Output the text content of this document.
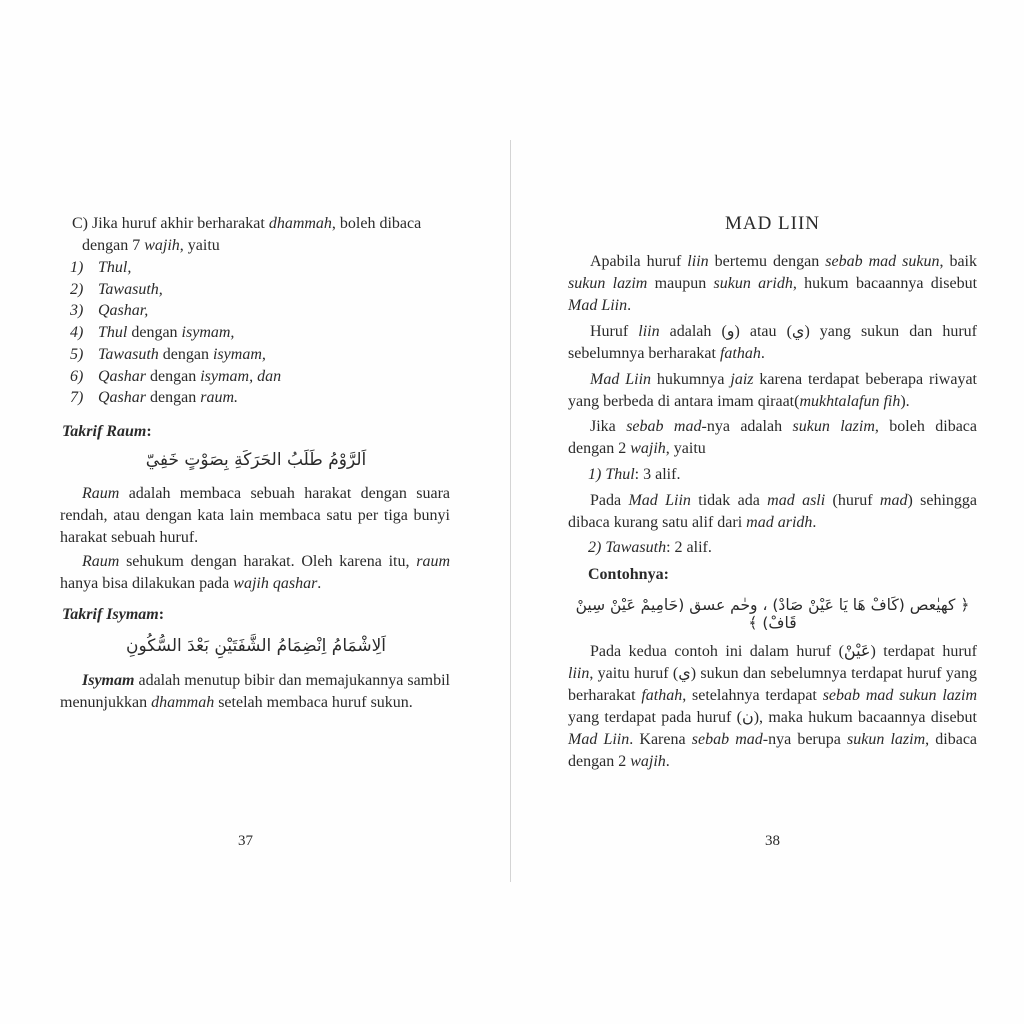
C) Jika huruf akhir berharakat dhammah, boleh dibaca
dengan 7 wajih, yaitu
1) Thul,
2) Tawasuth,
3) Qashar,
4) Thul dengan isymam,
5) Tawasuth dengan isymam,
6) Qashar dengan isymam, dan
7) Qashar dengan raum.
Takrif Raum:
اَلرَّوْمُ طَلَبُ الحَرَكَةِ بِصَوْتٍ خَفِيّ
Raum adalah membaca sebuah harakat dengan suara rendah, atau dengan kata lain membaca satu per tiga bunyi harakat sebuah huruf.
Raum sehukum dengan harakat. Oleh karena itu, raum hanya bisa dilakukan pada wajih qashar.
Takrif Isymam:
اَلِاشْمَامُ اِنْضِمَامُ الشَّفَتَيْنِ بَعْدَ السُّكُونِ
Isymam adalah menutup bibir dan memajukannya sambil menunjukkan dhammah setelah membaca huruf sukun.
37
MAD LIIN
Apabila huruf liin bertemu dengan sebab mad sukun, baik sukun lazim maupun sukun aridh, hukum bacaannya disebut Mad Liin.
Huruf liin adalah (و) atau (ي) yang sukun dan huruf sebelumnya berharakat fathah.
Mad Liin hukumnya jaiz karena terdapat beberapa riwayat yang berbeda di antara imam qiraat(mukhtalafun fih).
Jika sebab mad-nya adalah sukun lazim, boleh dibaca dengan 2 wajih, yaitu
1) Thul: 3 alif.
Pada Mad Liin tidak ada mad asli (huruf mad) sehingga dibaca kurang satu alif dari mad aridh.
2) Tawasuth: 2 alif.
Contohnya:
﴿ كهيٰعص (كَافْ هَا يَا عَيْنْ صَادْ) ، وحٰم عسق (حَامِيمْ عَيْنْ سِينْ قَافْ) ﴾
Pada kedua contoh ini dalam huruf (عَيْنْ) terdapat huruf liin, yaitu huruf (ي) sukun dan sebelumnya terdapat huruf yang berharakat fathah, setelahnya terdapat sebab mad sukun lazim yang terdapat pada huruf (ن), maka hukum bacaannya disebut Mad Liin. Karena sebab mad-nya berupa sukun lazim, dibaca dengan 2 wajih.
38
